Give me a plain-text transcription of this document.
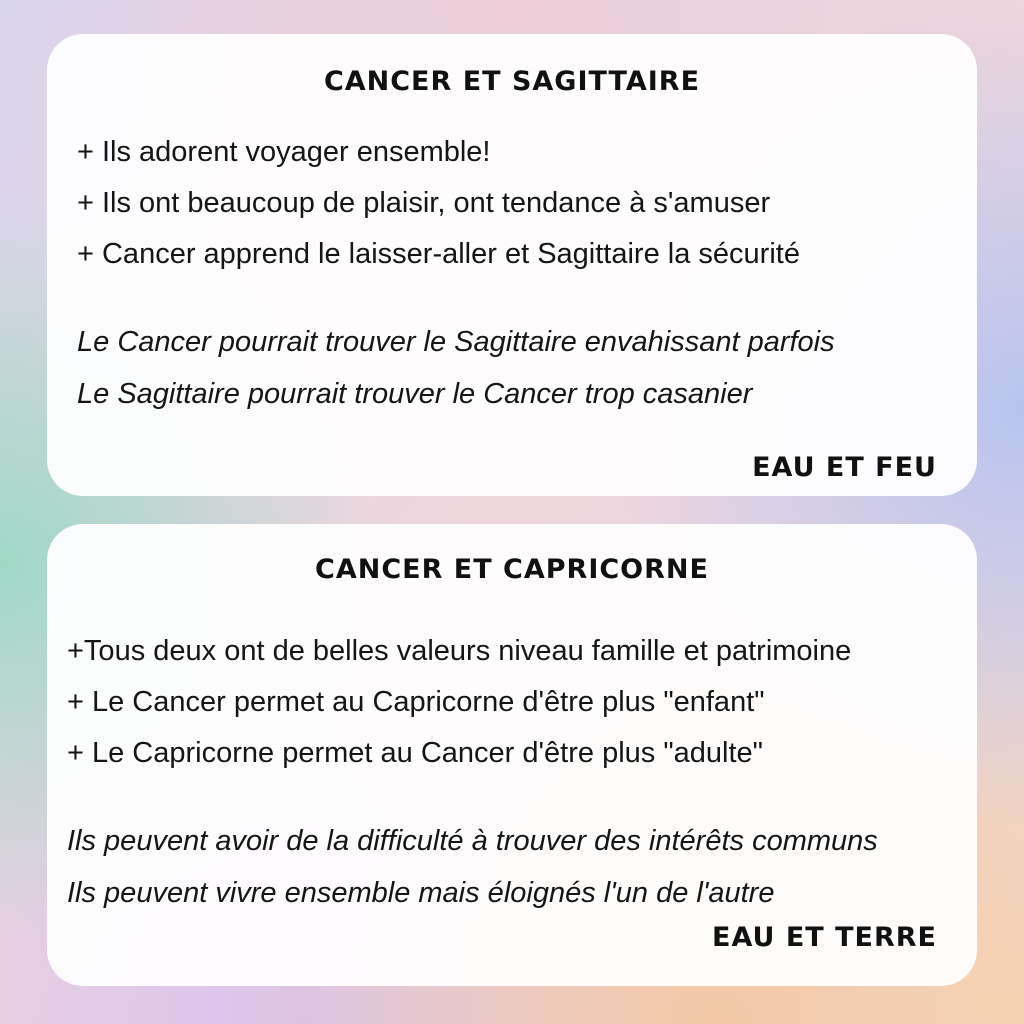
CANCER ET SAGITTAIRE
+ Ils adorent voyager ensemble!
+ Ils ont beaucoup de plaisir, ont tendance à s'amuser
+ Cancer apprend le laisser-aller et Sagittaire la sécurité
Le Cancer pourrait trouver le Sagittaire envahissant parfois
Le Sagittaire pourrait trouver le Cancer trop casanier
EAU ET FEU
CANCER ET CAPRICORNE
+Tous deux ont de belles valeurs niveau famille et patrimoine
+ Le Cancer permet au Capricorne d'être plus "enfant"
+ Le Capricorne permet au Cancer d'être plus "adulte"
Ils peuvent avoir de la difficulté à trouver des intérêts communs
Ils peuvent vivre ensemble mais éloignés l'un de l'autre
EAU ET TERRE
